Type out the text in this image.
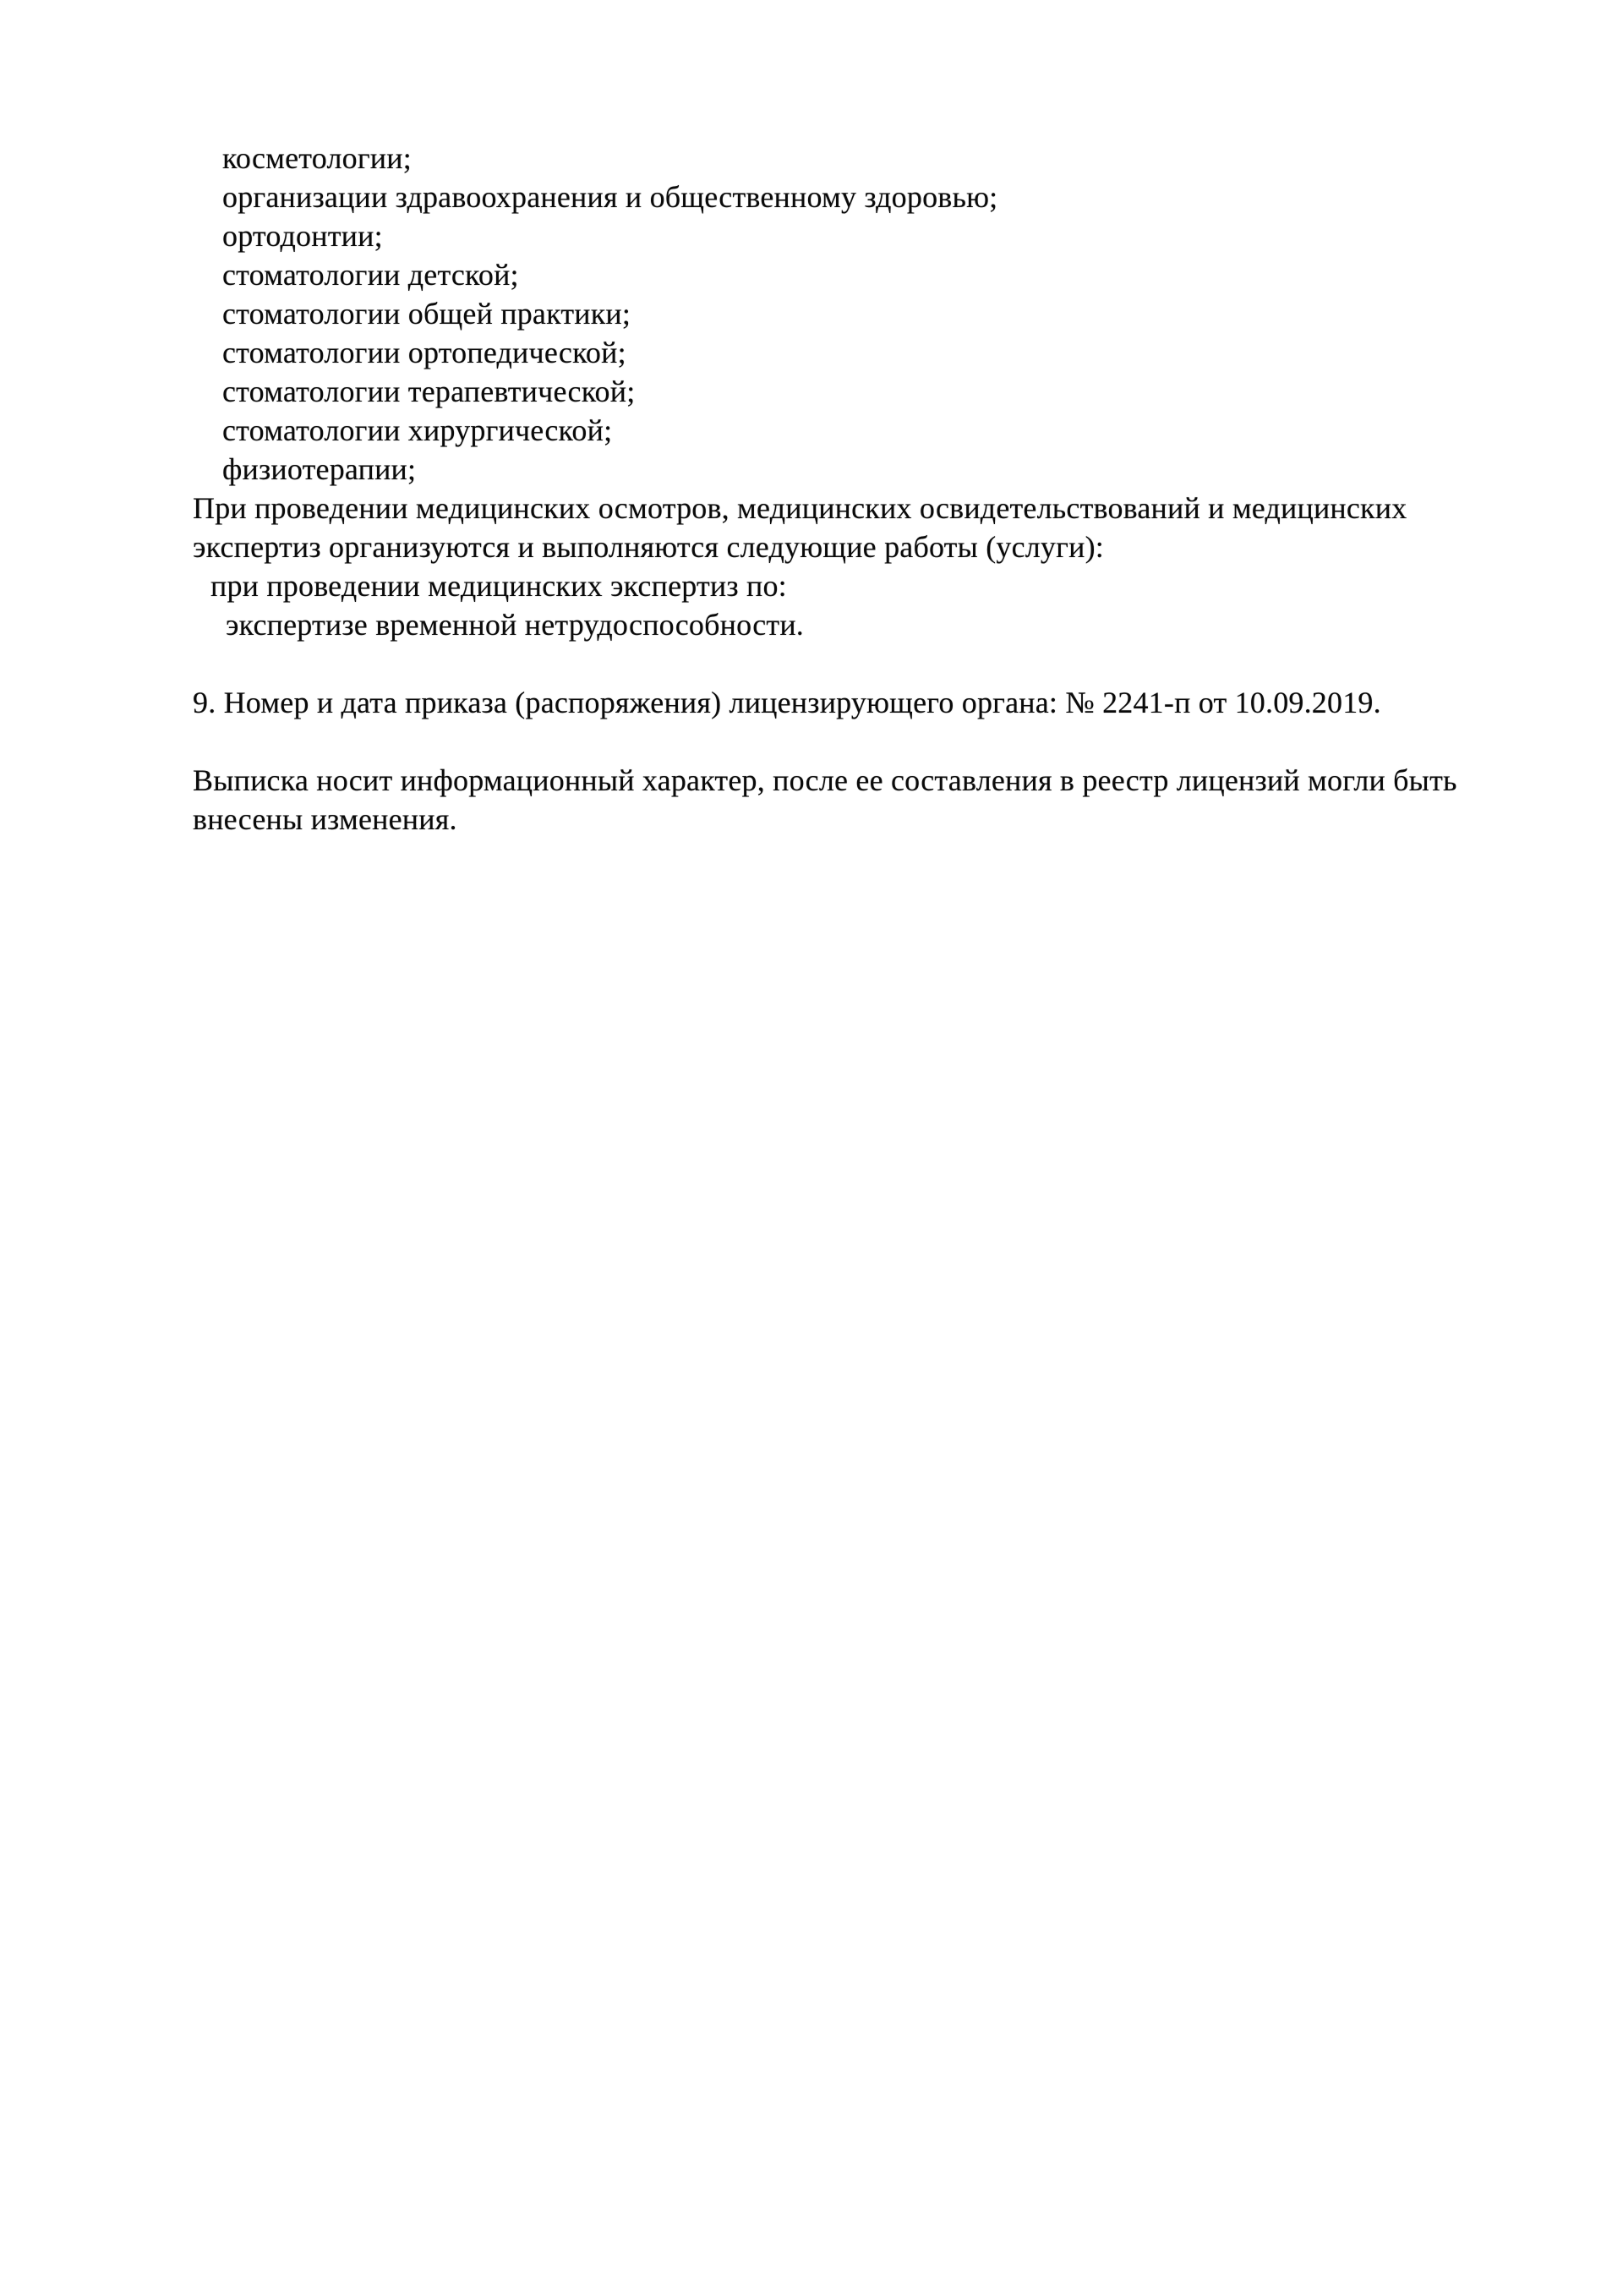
косметологии;
организации здравоохранения и общественному здоровью;
ортодонтии;
стоматологии детской;
стоматологии общей практики;
стоматологии ортопедической;
стоматологии терапевтической;
стоматологии хирургической;
физиотерапии;
При проведении медицинских осмотров, медицинских освидетельствований и медицинских
экспертиз организуются и выполняются следующие работы (услуги):
при проведении медицинских экспертиз по:
экспертизе временной нетрудоспособности.

9. Номер и дата приказа (распоряжения) лицензирующего органа: № 2241-п от 10.09.2019.

Выписка носит информационный характер, после ее составления в реестр лицензий могли быть
внесены изменения.
